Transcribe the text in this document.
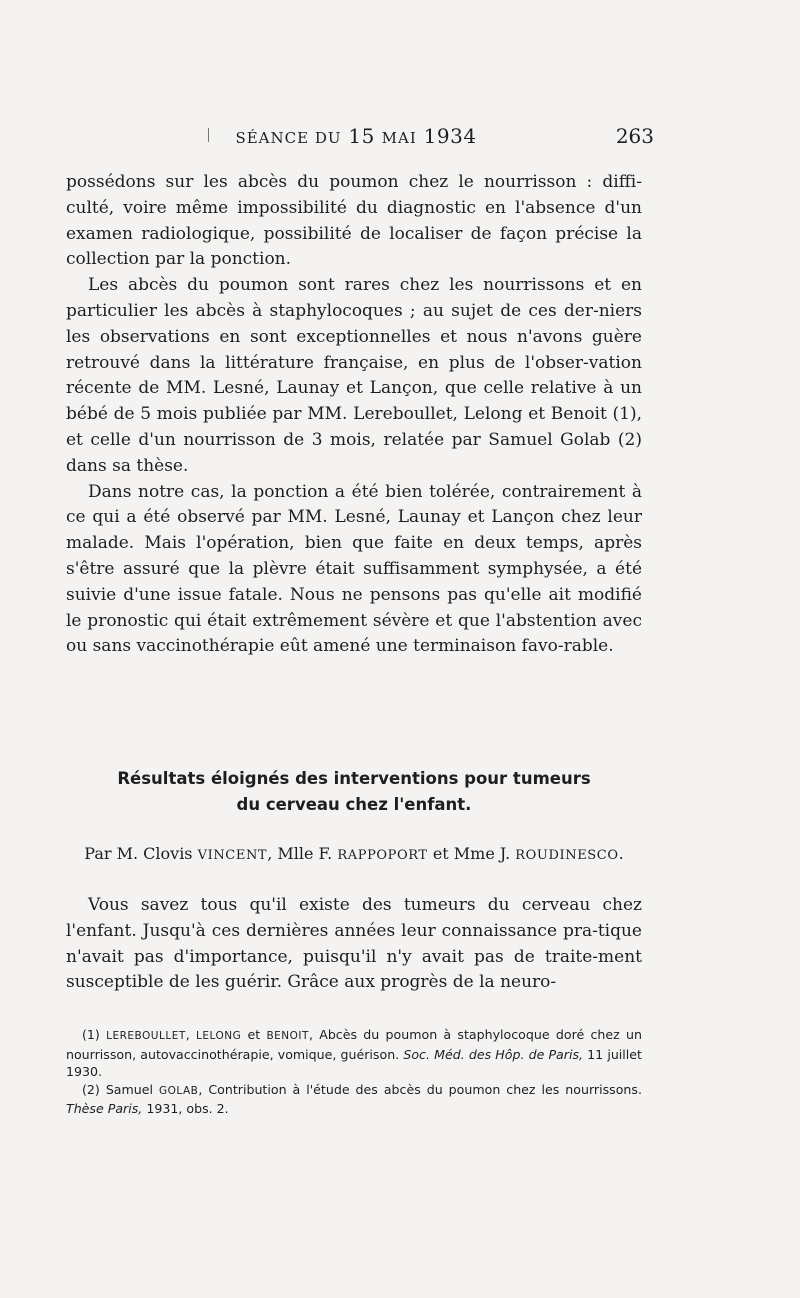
SÉANCE DU 15 MAI 1934	263

possédons sur les abcès du poumon chez le nourrisson : diffi-culté, voire même impossibilité du diagnostic en l'absence d'un examen radiologique, possibilité de localiser de façon précise la collection par la ponction.

Les abcès du poumon sont rares chez les nourrissons et en particulier les abcès à staphylocoques ; au sujet de ces der-niers les observations en sont exceptionnelles et nous n'avons guère retrouvé dans la littérature française, en plus de l'obser-vation récente de MM. Lesné, Launay et Lançon, que celle relative à un bébé de 5 mois publiée par MM. Lereboullet, Lelong et Benoit (1), et celle d'un nourrisson de 3 mois, relatée par Samuel Golab (2) dans sa thèse.

Dans notre cas, la ponction a été bien tolérée, contrairement à ce qui a été observé par MM. Lesné, Launay et Lançon chez leur malade. Mais l'opération, bien que faite en deux temps, après s'être assuré que la plèvre était suffisamment symphysée, a été suivie d'une issue fatale. Nous ne pensons pas qu'elle ait modifié le pronostic qui était extrêmement sévère et que l'abstention avec ou sans vaccinothérapie eût amené une terminaison favo-rable.

Résultats éloignés des interventions pour tumeurs
du cerveau chez l'enfant.
Par M. Clovis VINCENT, Mlle F. RAPPOPORT et Mme J. ROUDINESCO.

Vous savez tous qu'il existe des tumeurs du cerveau chez l'enfant. Jusqu'à ces dernières années leur connaissance pra-tique n'avait pas d'importance, puisqu'il n'y avait pas de traite-ment susceptible de les guérir. Grâce aux progrès de la neuro-

(1) LEREBOULLET, LELONG et BENOIT, Abcès du poumon à staphylocoque doré chez un nourrisson, autovaccinothérapie, vomique, guérison. Soc. Méd. des Hôp. de Paris, 11 juillet 1930.

(2) Samuel GOLAB, Contribution à l'étude des abcès du poumon chez les nourrissons. Thèse Paris, 1931, obs. 2.
